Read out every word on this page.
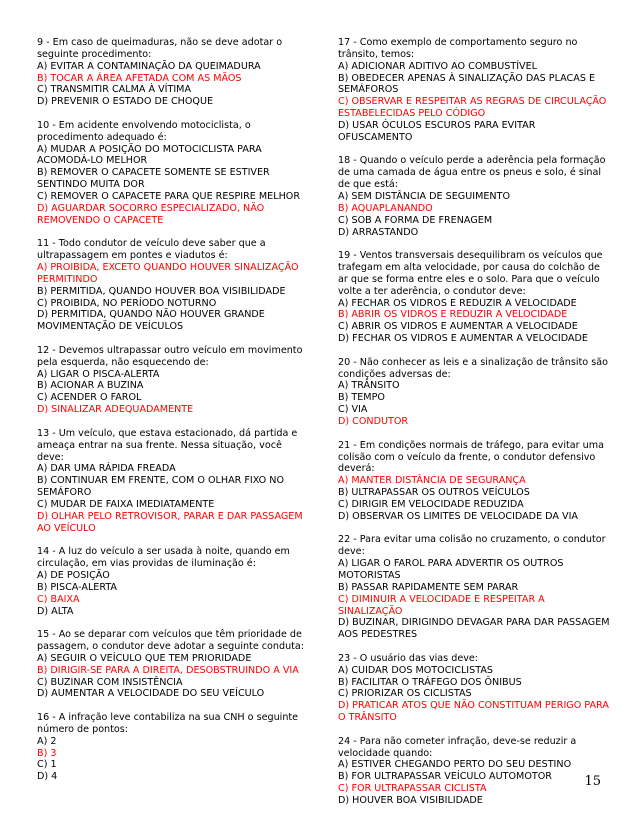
9 - Em caso de queimaduras, não se deve adotar o seguinte procedimento:

A) EVITAR A CONTAMINAÇÃO DA QUEIMADURA

B) TOCAR A ÁREA AFETADA COM AS MÃOS

C) TRANSMITIR CALMA À VÍTIMA

D) PREVENIR O ESTADO DE CHOQUE

10 - Em acidente envolvendo motociclista, o procedimento adequado é:

A) MUDAR A POSIÇÃO DO MOTOCICLISTA PARA ACOMODÁ-LO MELHOR

B) REMOVER O CAPACETE SOMENTE SE ESTIVER SENTINDO MUITA DOR

C) REMOVER O CAPACETE PARA QUE RESPIRE MELHOR

D) AGUARDAR SOCORRO ESPECIALIZADO, NÃO REMOVENDO O CAPACETE

11 - Todo condutor de veículo deve saber que a ultrapassagem em pontes e viadutos é:

A) PROIBIDA, EXCETO QUANDO HOUVER SINALIZAÇÃO PERMITINDO

B) PERMITIDA, QUANDO HOUVER BOA VISIBILIDADE

C) PROIBIDA, NO PERÍODO NOTURNO

D) PERMITIDA, QUANDO NÃO HOUVER GRANDE MOVIMENTAÇÃO DE VEÍCULOS

12 - Devemos ultrapassar outro veículo em movimento pela esquerda, não esquecendo de:

A) LIGAR O PISCA-ALERTA

B) ACIONAR A BUZINA

C) ACENDER O FAROL

D) SINALIZAR ADEQUADAMENTE

13 - Um veículo, que estava estacionado, dá partida e ameaça entrar na sua frente. Nessa situação, você deve:

A) DAR UMA RÁPIDA FREADA

B) CONTINUAR EM FRENTE, COM O OLHAR FIXO NO SEMÁFORO

C) MUDAR DE FAIXA IMEDIATAMENTE

D) OLHAR PELO RETROVISOR, PARAR E DAR PASSAGEM AO VEÍCULO

14 - A luz do veículo a ser usada à noite, quando em circulação, em vias providas de iluminação é:

A) DE POSIÇÃO

B) PISCA-ALERTA

C) BAIXA

D) ALTA

15 - Ao se deparar com veículos que têm prioridade de passagem, o condutor deve adotar a seguinte conduta:

A) SEGUIR O VEÍCULO QUE TEM PRIORIDADE

B) DIRIGIR-SE PARA A DIREITA, DESOBSTRUINDO A VIA

C) BUZINAR COM INSISTÊNCIA

D) AUMENTAR A VELOCIDADE DO SEU VEÍCULO

16 - A infração leve contabiliza na sua CNH o seguinte número de pontos:

A) 2

B) 3

C) 1

D) 4

17 - Como exemplo de comportamento seguro no trânsito, temos:

A) ADICIONAR ADITIVO AO COMBUSTÍVEL

B) OBEDECER APENAS À SINALIZAÇÃO DAS PLACAS E SEMÁFOROS

C) OBSERVAR E RESPEITAR AS REGRAS DE CIRCULAÇÃO ESTABELECIDAS PELO CÓDIGO

D) USAR ÓCULOS ESCUROS PARA EVITAR OFUSCAMENTO

18 - Quando o veículo perde a aderência pela formação de uma camada de água entre os pneus e solo, é sinal de que está:

A) SEM DISTÂNCIA DE SEGUIMENTO

B) AQUAPLANANDO

C) SOB A FORMA DE FRENAGEM

D) ARRASTANDO

19 - Ventos transversais desequilibram os veículos que trafegam em alta velocidade, por causa do colchão de ar que se forma entre eles e o solo. Para que o veículo volte a ter aderência, o condutor deve:

A) FECHAR OS VIDROS E REDUZIR A VELOCIDADE

B) ABRIR OS VIDROS E REDUZIR A VELOCIDADE

C) ABRIR OS VIDROS E AUMENTAR A VELOCIDADE

D) FECHAR OS VIDROS E AUMENTAR A VELOCIDADE

20 - Não conhecer as leis e a sinalização de trânsito são condições adversas de:

A) TRÂNSITO

B) TEMPO

C) VIA

D) CONDUTOR

21 - Em condições normais de tráfego, para evitar uma colisão com o veículo da frente, o condutor defensivo deverá:

A) MANTER DISTÂNCIA DE SEGURANÇA

B) ULTRAPASSAR OS OUTROS VEÍCULOS

C) DIRIGIR EM VELOCIDADE REDUZIDA

D) OBSERVAR OS LIMITES DE VELOCIDADE DA VIA

22 - Para evitar uma colisão no cruzamento, o condutor deve:

A) LIGAR O FAROL PARA ADVERTIR OS OUTROS MOTORISTAS

B) PASSAR RAPIDAMENTE SEM PARAR

C) DIMINUIR A VELOCIDADE E RESPEITAR A SINALIZAÇÃO

D) BUZINAR, DIRIGINDO DEVAGAR PARA DAR PASSAGEM AOS PEDESTRES

23 - O usuário das vias deve:

A) CUIDAR DOS MOTOCICLISTAS

B) FACILITAR O TRÁFEGO DOS ÔNIBUS

C) PRIORIZAR OS CICLISTAS

D) PRATICAR ATOS QUE NÃO CONSTITUAM PERIGO PARA O TRÂNSITO

24 - Para não cometer infração, deve-se reduzir a velocidade quando:

A) ESTIVER CHEGANDO PERTO DO SEU DESTINO

B) FOR ULTRAPASSAR VEÍCULO AUTOMOTOR

C) FOR ULTRAPASSAR CICLISTA

D) HOUVER BOA VISIBILIDADE

15
